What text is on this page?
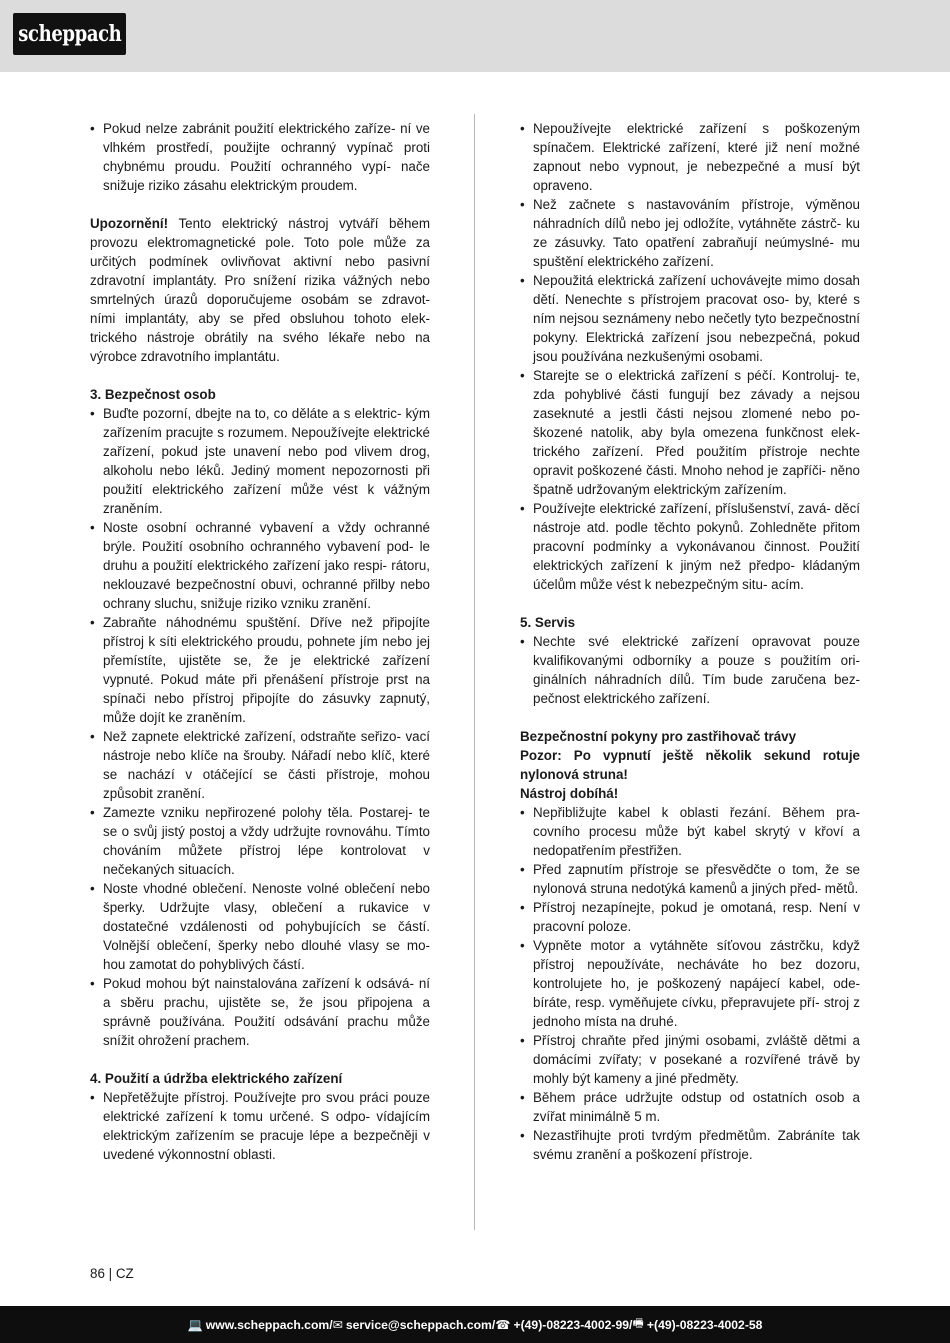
scheppach
• Pokud nelze zabránit použití elektrického zaříze- ní ve vlhkém prostředí, použijte ochranný vypínač proti chybnému proudu. Použití ochranného vypí- nače snižuje riziko zásahu elektrickým proudem.
Upozornění! Tento elektrický nástroj vytváří během provozu elektromagnetické pole. Toto pole může za určitých podmínek ovlivňovat aktivní nebo pasivní zdravotní implantáty. Pro snížení rizika vážných nebo smrtelných úrazů doporučujeme osobám se zdravot- ními implantáty, aby se před obsluhou tohoto elek- trického nástroje obrátily na svého lékaře nebo na výrobce zdravotního implantátu.
3. Bezpečnost osob
• Buďte pozorní, dbejte na to, co děláte a s elektric- kým zařízením pracujte s rozumem. Nepoužívejte elektrické zařízení, pokud jste unavení nebo pod vlivem drog, alkoholu nebo léků. Jediný moment nepozornosti při použití elektrického zařízení může vést k vážným zraněním.
• Noste osobní ochranné vybavení a vždy ochranné brýle. Použití osobního ochranného vybavení pod- le druhu a použití elektrického zařízení jako respi- rátoru, neklouzavé bezpečnostní obuvi, ochranné přilby nebo ochrany sluchu, snižuje riziko vzniku zranění.
• Zabraňte náhodnému spuštění. Dříve než připojíte přístroj k síti elektrického proudu, pohnete jím nebo jej přemístíte, ujistěte se, že je elektrické zařízení vypnuté. Pokud máte při přenášení přístroje prst na spínači nebo přístroj připojíte do zásuvky zapnutý, může dojít ke zraněním.
• Než zapnete elektrické zařízení, odstraňte seřizo- vací nástroje nebo klíče na šrouby. Nářadí nebo klíč, které se nachází v otáčející se části přístroje, mohou způsobit zranění.
• Zamezte vzniku nepřirozené polohy těla. Postarej- te se o svůj jistý postoj a vždy udržujte rovnováhu. Tímto chováním můžete přístroj lépe kontrolovat v nečekaných situacích.
• Noste vhodné oblečení. Nenoste volné oblečení nebo šperky. Udržujte vlasy, oblečení a rukavice v dostatečné vzdálenosti od pohybujících se částí. Volnější oblečení, šperky nebo dlouhé vlasy se mo- hou zamotat do pohyblivých částí.
• Pokud mohou být nainstalována zařízení k odsává- ní a sběru prachu, ujistěte se, že jsou připojena a správně používána. Použití odsávání prachu může snížit ohrožení prachem.
4. Použití a údržba elektrického zařízení
• Nepřetěžujte přístroj. Používejte pro svou práci pouze elektrické zařízení k tomu určené. S odpo- vídajícím elektrickým zařízením se pracuje lépe a bezpečněji v uvedené výkonnostní oblasti.
• Nepoužívejte elektrické zařízení s poškozeným spínačem. Elektrické zařízení, které již není možné zapnout nebo vypnout, je nebezpečné a musí být opraveno.
• Než začnete s nastavováním přístroje, výměnou náhradních dílů nebo jej odložíte, vytáhněte zástrč- ku ze zásuvky. Tato opatření zabraňují neúmyslné- mu spuštění elektrického zařízení.
• Nepoužitá elektrická zařízení uchovávejte mimo dosah dětí. Nenechte s přístrojem pracovat oso- by, které s ním nejsou seznámeny nebo nečetly tyto bezpečnostní pokyny. Elektrická zařízení jsou nebezpečná, pokud jsou používána nezkušenými osobami.
• Starejte se o elektrická zařízení s péčí. Kontroluj- te, zda pohyblivé části fungují bez závady a nejsou zaseknuté a jestli části nejsou zlomené nebo po- škozené natolik, aby byla omezena funkčnost elek- trického zařízení. Před použitím přístroje nechte opravit poškozené části. Mnoho nehod je zapříči- něno špatně udržovaným elektrickým zařízením.
• Používejte elektrické zařízení, příslušenství, zavá- děcí nástroje atd. podle těchto pokynů. Zohledněte přitom pracovní podmínky a vykonávanou činnost. Použití elektrických zařízení k jiným než předpo- kládaným účelům může vést k nebezpečným situ- acím.
5. Servis
• Nechte své elektrické zařízení opravovat pouze kvalifikovanými odborníky a pouze s použitím ori- ginálních náhradních dílů. Tím bude zaručena bez- pečnost elektrického zařízení.
Bezpečnostní pokyny pro zastřihovač trávy
Pozor: Po vypnutí ještě několik sekund rotuje nylonová struna!
Nástroj dobíhá!
• Nepřibližujte kabel k oblasti řezání. Během pra- covního procesu může být kabel skrytý v křoví a nedopatřením přestřižen.
• Před zapnutím přístroje se přesvědčte o tom, že se nylonová struna nedotýká kamenů a jiných před- mětů.
• Přístroj nezapínejte, pokud je omotaná, resp. Není v pracovní poloze.
• Vypněte motor a vytáhněte síťovou zástrčku, když přístroj nepoužíváte, necháváte ho bez dozoru, kontrolujete ho, je poškozený napájecí kabel, ode- bíráte, resp. vyměňujete cívku, přepravujete pří- stroj z jednoho místa na druhé.
• Přístroj chraňte před jinými osobami, zvláště dětmi a domácími zvířaty; v posekané a rozvířené trávě by mohly být kameny a jiné předměty.
• Během práce udržujte odstup od ostatních osob a zvířat minimálně 5 m.
• Nezastřihujte proti tvrdým předmětům. Zabráníte tak svému zranění a poškození přístroje.
86 | CZ
💻 www.scheppach.com / ✉ service@scheppach.com / ☎ +(49)-08223-4002-99 / 🖷 +(49)-08223-4002-58
